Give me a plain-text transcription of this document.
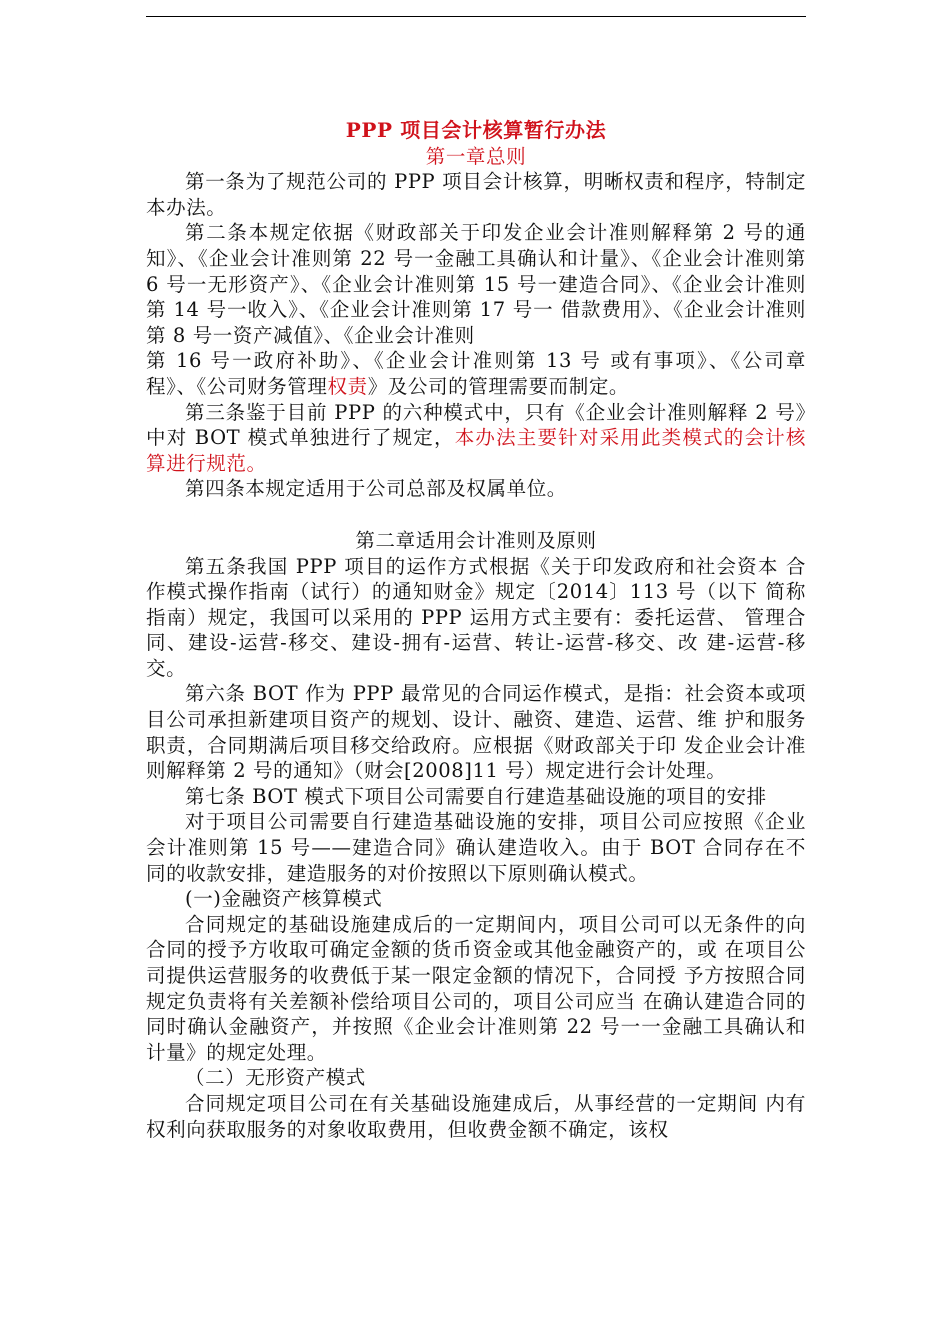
PPP 项目会计核算暂行办法

第一章总则

第一条为了规范公司的 PPP 项目会计核算，明晰权责和程序，特制定本办法。

第二条本规定依据《财政部关于印发企业会计准则解释第 2 号的通知》、《企业会计准则第 22 号一金融工具确认和计量》、《企业会计准则第 6 号一无形资产》、《企业会计准则第 15 号一建造合同》、《企业会计准则第 14 号一收入》、《企业会计准则第 17 号一 借款费用》、《企业会计准则第 8 号一资产减值》、《企业会计准则

第 16 号一政府补助》、《企业会计准则第 13 号 或有事项》、《公司章程》、《公司财务管理权责》及公司的管理需要而制定。

第三条鉴于目前 PPP 的六种模式中，只有《企业会计准则解释 2 号》中对 BOT 模式单独进行了规定，本办法主要针对采用此类模式的会计核算进行规范。

第四条本规定适用于公司总部及权属单位。

第二章适用会计准则及原则

第五条我国 PPP 项目的运作方式根据《关于印发政府和社会资本 合作模式操作指南（试行）的通知财金》规定〔2014〕113 号（以下 简称指南）规定，我国可以采用的 PPP 运用方式主要有：委托运营、 管理合同、建设-运营-移交、建设-拥有-运营、转让-运营-移交、改 建-运营-移交。

第六条 BOT 作为 PPP 最常见的合同运作模式，是指：社会资本或项目公司承担新建项目资产的规划、设计、融资、建造、运营、维 护和服务职责，合同期满后项目移交给政府。应根据《财政部关于印 发企业会计准则解释第 2 号的通知》（财会[2008]11 号）规定进行会计处理。

第七条 BOT 模式下项目公司需要自行建造基础设施的项目的安排

对于项目公司需要自行建造基础设施的安排，项目公司应按照《企业会计准则第 15 号——建造合同》确认建造收入。由于 BOT 合同存在不同的收款安排，建造服务的对价按照以下原则确认模式。

(一)金融资产核算模式

合同规定的基础设施建成后的一定期间内，项目公司可以无条件的向合同的授予方收取可确定金额的货币资金或其他金融资产的，或 在项目公司提供运营服务的收费低于某一限定金额的情况下，合同授 予方按照合同规定负责将有关差额补偿给项目公司的，项目公司应当 在确认建造合同的同时确认金融资产，并按照《企业会计准则第 22 号一一金融工具确认和计量》的规定处理。

（二）无形资产模式

合同规定项目公司在有关基础设施建成后，从事经营的一定期间 内有权利向获取服务的对象收取费用，但收费金额不确定，该权
